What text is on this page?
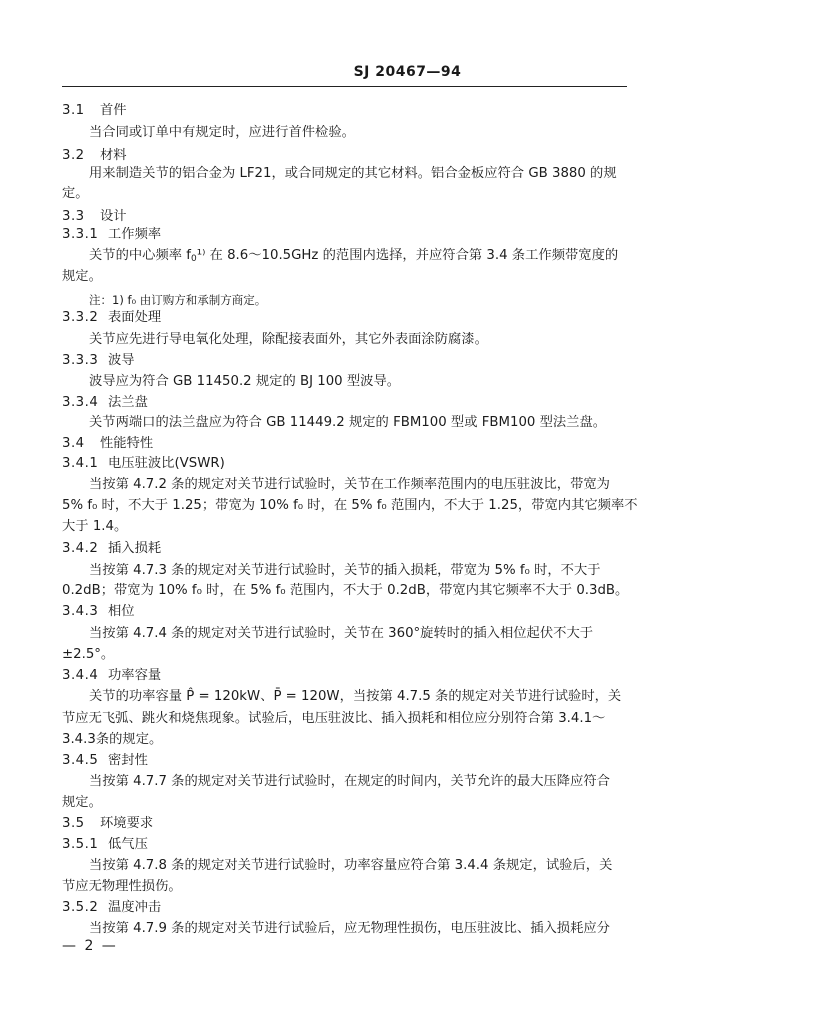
SJ 20467—94
3.1 首件
当合同或订单中有规定时，应进行首件检验。
3.2 材料
用来制造关节的铝合金为 LF21，或合同规定的其它材料。铝合金板应符合 GB 3880 的规
定。
3.3 设计
3.3.1 工作频率
关节的中心频率 f0¹⁾ 在 8.6～10.5GHz 的范围内选择，并应符合第 3.4 条工作频带宽度的
规定。
注：1) f₀ 由订购方和承制方商定。
3.3.2 表面处理
关节应先进行导电氧化处理，除配接表面外，其它外表面涂防腐漆。
3.3.3 波导
波导应为符合 GB 11450.2 规定的 BJ 100 型波导。
3.3.4 法兰盘
关节两端口的法兰盘应为符合 GB 11449.2 规定的 FBM100 型或 FBM100 型法兰盘。
3.4 性能特性
3.4.1 电压驻波比(VSWR)
当按第 4.7.2 条的规定对关节进行试验时，关节在工作频率范围内的电压驻波比，带宽为
5% f₀ 时，不大于 1.25；带宽为 10% f₀ 时，在 5% f₀ 范围内，不大于 1.25，带宽内其它频率不
大于 1.4。
3.4.2 插入损耗
当按第 4.7.3 条的规定对关节进行试验时，关节的插入损耗，带宽为 5% f₀ 时，不大于
0.2dB；带宽为 10% f₀ 时，在 5% f₀ 范围内，不大于 0.2dB，带宽内其它频率不大于 0.3dB。
3.4.3 相位
当按第 4.7.4 条的规定对关节进行试验时，关节在 360°旋转时的插入相位起伏不大于
±2.5°。
3.4.4 功率容量
关节的功率容量 P̂ = 120kW、P̄ = 120W，当按第 4.7.5 条的规定对关节进行试验时，关
节应无飞弧、跳火和烧焦现象。试验后，电压驻波比、插入损耗和相位应分别符合第 3.4.1～
3.4.3条的规定。
3.4.5 密封性
当按第 4.7.7 条的规定对关节进行试验时，在规定的时间内，关节允许的最大压降应符合
规定。
3.5 环境要求
3.5.1 低气压
当按第 4.7.8 条的规定对关节进行试验时，功率容量应符合第 3.4.4 条规定，试验后，关
节应无物理性损伤。
3.5.2 温度冲击
当按第 4.7.9 条的规定对关节进行试验后，应无物理性损伤，电压驻波比、插入损耗应分
— 2 —
